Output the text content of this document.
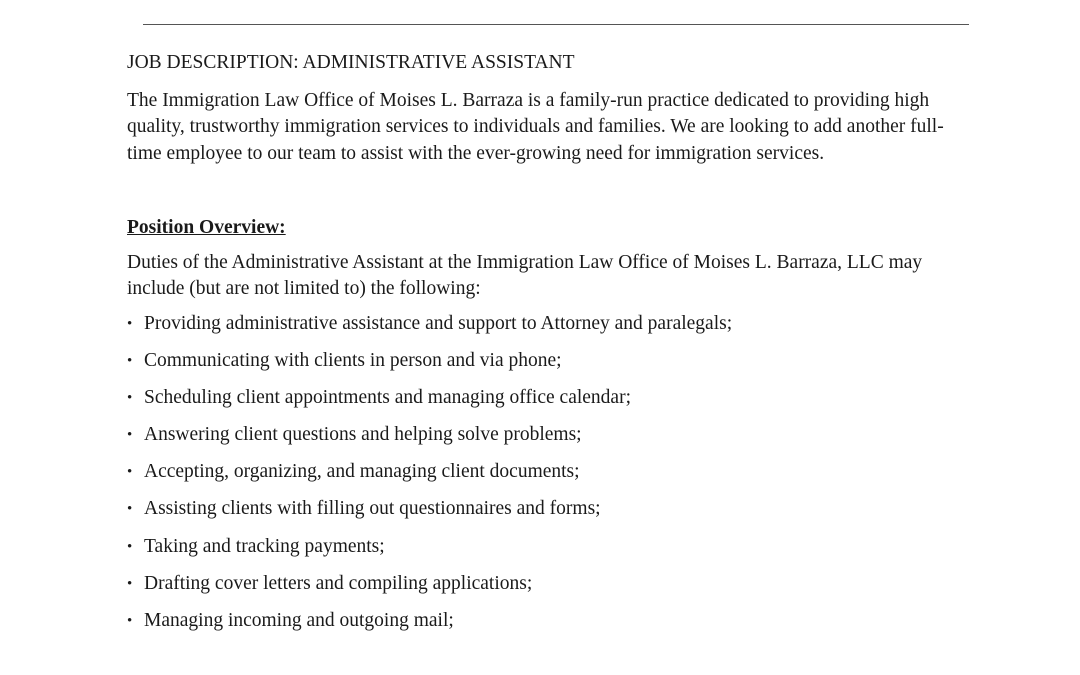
JOB DESCRIPTION: ADMINISTRATIVE ASSISTANT

The Immigration Law Office of Moises L. Barraza is a family-run practice dedicated to providing high quality, trustworthy immigration services to individuals and families. We are looking to add another full-time employee to our team to assist with the ever-growing need for immigration services.

Position Overview:

Duties of the Administrative Assistant at the Immigration Law Office of Moises L. Barraza, LLC may include (but are not limited to) the following:

• Providing administrative assistance and support to Attorney and paralegals;
• Communicating with clients in person and via phone;
• Scheduling client appointments and managing office calendar;
• Answering client questions and helping solve problems;
• Accepting, organizing, and managing client documents;
• Assisting clients with filling out questionnaires and forms;
• Taking and tracking payments;
• Drafting cover letters and compiling applications;
• Managing incoming and outgoing mail;
